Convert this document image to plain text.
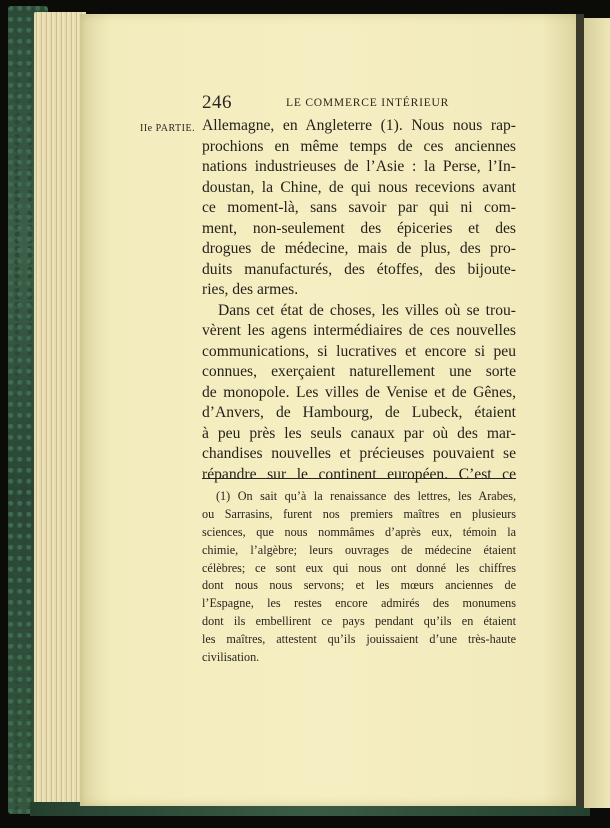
246	LE COMMERCE INTÉRIEUR
IIe PARTIE. Allemagne, en Angleterre (1). Nous nous rap-
prochions en même temps de ces anciennes
nations industrieuses de l’Asie : la Perse, l’In-
doustan, la Chine, de qui nous recevions avant
ce moment-là, sans savoir par qui ni com-
ment, non-seulement des épiceries et des
drogues de médecine, mais de plus, des pro-
duits manufacturés, des étoffes, des bijoute-
ries, des armes.
Dans cet état de choses, les villes où se trou-
vèrent les agens intermédiaires de ces nouvelles
communications, si lucratives et encore si peu
connues, exerçaient naturellement une sorte
de monopole. Les villes de Venise et de Gênes,
d’Anvers, de Hambourg, de Lubeck, étaient
à peu près les seuls canaux par où des mar-
chandises nouvelles et précieuses pouvaient se
répandre sur le continent européen. C’est ce
(1) On sait qu’à la renaissance des lettres, les Arabes,
ou Sarrasins, furent nos premiers maîtres en plusieurs
sciences, que nous nommâmes d’après eux, témoin la
chimie, l’algèbre; leurs ouvrages de médecine étaient
célèbres; ce sont eux qui nous ont donné les chiffres
dont nous nous servons; et les mœurs anciennes de
l’Espagne, les restes encore admirés des monumens
dont ils embellirent ce pays pendant qu’ils en étaient
les maîtres, attestent qu’ils jouissaient d’une très-haute
civilisation.
